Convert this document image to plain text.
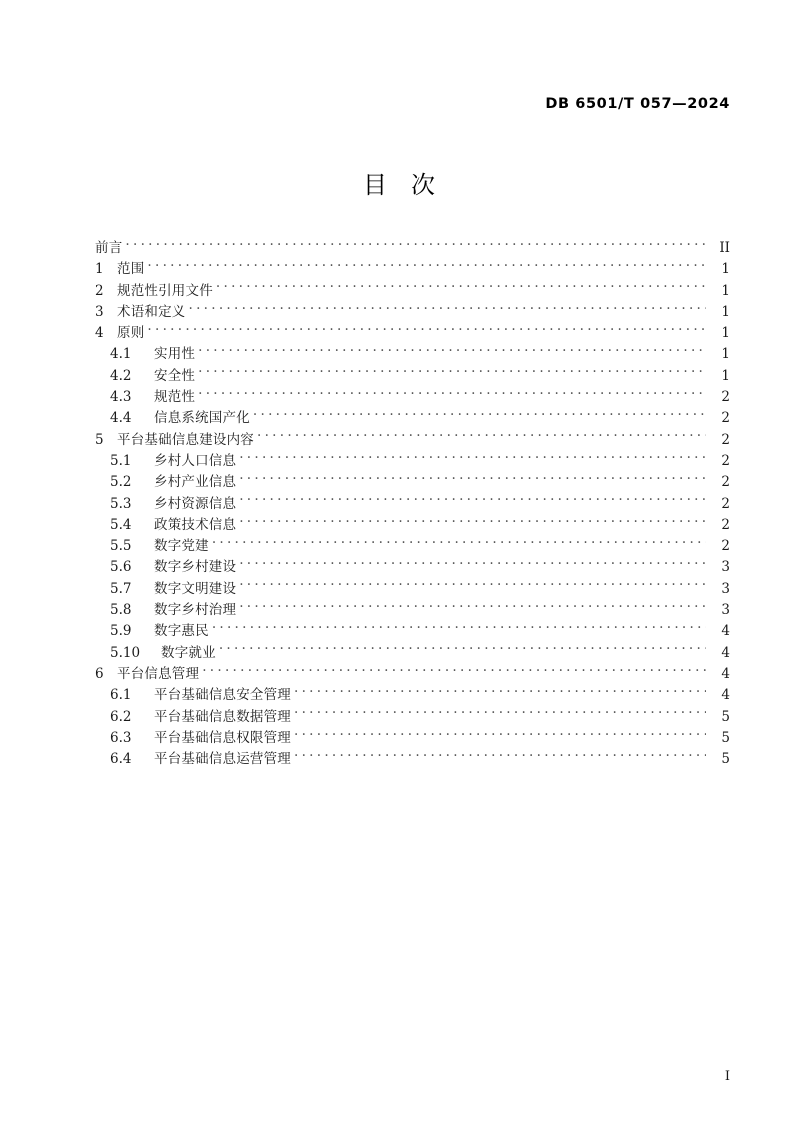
DB 6501/T 057—2024
目 次
前言 . . .	II
1 范围 . . .	1
2 规范性引用文件 . . .	1
3 术语和定义 . . .	1
4 原则 . . .	1
4.1	实用性 . . .	1
4.2	安全性 . . .	1
4.3	规范性 . . .	2
4.4	信息系统国产化 . . .	2
5 平台基础信息建设内容 . . .	2
5.1	乡村人口信息 . . .	2
5.2	乡村产业信息 . . .	2
5.3	乡村资源信息 . . .	2
5.4	政策技术信息 . . .	2
5.5	数字党建 . . .	2
5.6	数字乡村建设 . . .	3
5.7	数字文明建设 . . .	3
5.8	数字乡村治理 . . .	3
5.9	数字惠民 . . .	4
5.10	数字就业 . . .	4
6 平台信息管理 . . .	4
6.1	平台基础信息安全管理 . . .	4
6.2	平台基础信息数据管理 . . .	5
6.3	平台基础信息权限管理 . . .	5
6.4	平台基础信息运营管理 . . .	5
I
